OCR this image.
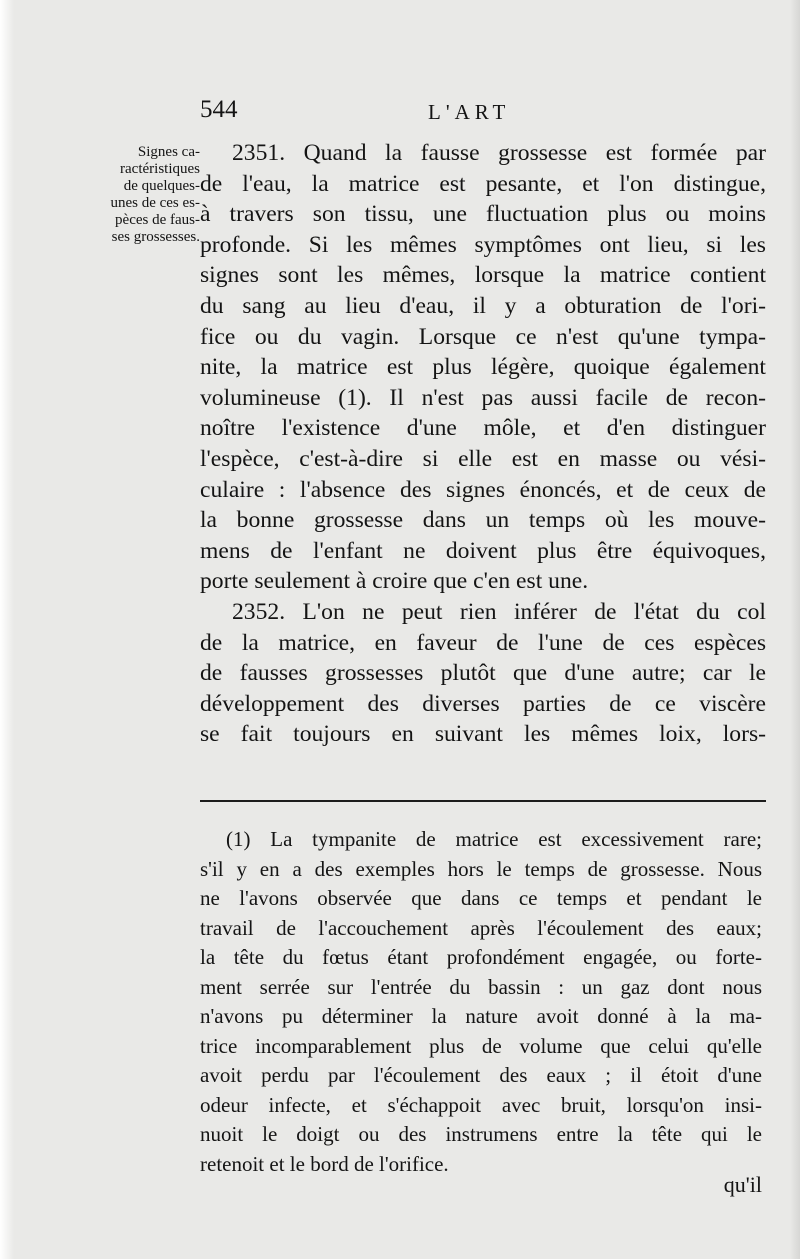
544	L'ART
Signes ca-
ractéristiques
de quelques-
unes de ces es-
pèces de faus-
ses grossesses.
2351. Quand la fausse grossesse est formée par
de l'eau, la matrice est pesante, et l'on distingue,
à travers son tissu, une fluctuation plus ou moins
profonde. Si les mêmes symptômes ont lieu, si les
signes sont les mêmes, lorsque la matrice contient
du sang au lieu d'eau, il y a obturation de l'ori-
fice ou du vagin. Lorsque ce n'est qu'une tympa-
nite, la matrice est plus légère, quoique également
volumineuse (1). Il n'est pas aussi facile de recon-
noître l'existence d'une môle, et d'en distinguer
l'espèce, c'est-à-dire si elle est en masse ou vési-
culaire : l'absence des signes énoncés, et de ceux de
la bonne grossesse dans un temps où les mouve-
mens de l'enfant ne doivent plus être équivoques,
porte seulement à croire que c'en est une.
2352. L'on ne peut rien inférer de l'état du col
de la matrice, en faveur de l'une de ces espèces
de fausses grossesses plutôt que d'une autre; car le
développement des diverses parties de ce viscère
se fait toujours en suivant les mêmes loix, lors-
(1) La tympanite de matrice est excessivement rare;
s'il y en a des exemples hors le temps de grossesse. Nous
ne l'avons observée que dans ce temps et pendant le
travail de l'accouchement après l'écoulement des eaux;
la tête du fœtus étant profondément engagée, ou forte-
ment serrée sur l'entrée du bassin : un gaz dont nous
n'avons pu déterminer la nature avoit donné à la ma-
trice incomparablement plus de volume que celui qu'elle
avoit perdu par l'écoulement des eaux ; il étoit d'une
odeur infecte, et s'échappoit avec bruit, lorsqu'on insi-
nuoit le doigt ou des instrumens entre la tête qui le
retenoit et le bord de l'orifice.
qu'il
